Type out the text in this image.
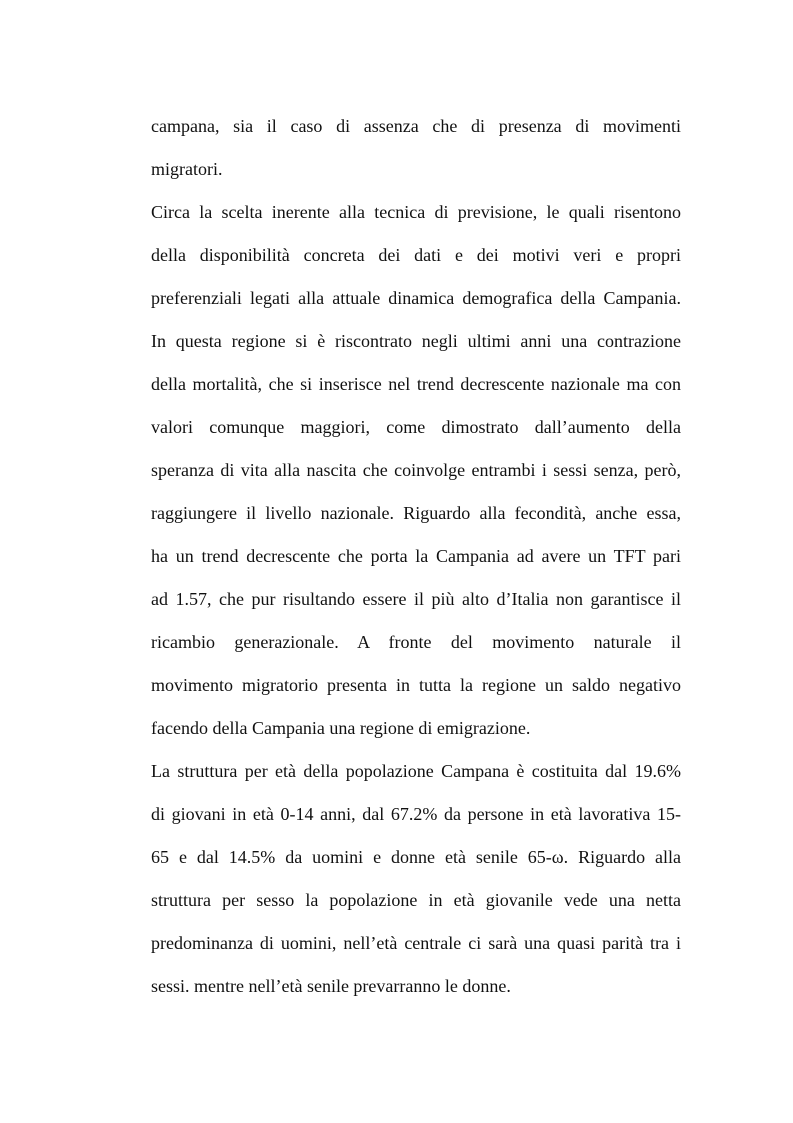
campana, sia il caso di assenza che di presenza di movimenti

migratori.

Circa la scelta inerente alla tecnica di previsione, le quali risentono

della disponibilità concreta dei dati e dei motivi veri e propri

preferenziali legati alla attuale dinamica demografica della Campania.

In questa regione si è riscontrato negli ultimi anni una contrazione

della mortalità, che si inserisce nel trend decrescente nazionale ma con

valori comunque maggiori, come dimostrato dall’aumento della

speranza di vita alla nascita che coinvolge entrambi i sessi senza, però,

raggiungere il livello nazionale. Riguardo alla fecondità, anche essa,

ha un trend decrescente che porta la Campania ad avere un TFT pari

ad 1.57, che pur risultando essere il più alto d’Italia non garantisce il

ricambio generazionale. A fronte del movimento naturale il

movimento migratorio presenta in tutta la regione un saldo negativo

facendo della Campania una regione di emigrazione.

La struttura per età della popolazione Campana è costituita dal 19.6%

di giovani in età 0-14 anni, dal 67.2% da persone in età lavorativa 15-

65 e dal 14.5% da uomini e donne età senile 65-ω. Riguardo alla

struttura per sesso la popolazione in età giovanile vede una netta

predominanza di uomini, nell’età centrale ci sarà una quasi parità tra i

sessi. mentre nell’età senile prevarranno le donne.
